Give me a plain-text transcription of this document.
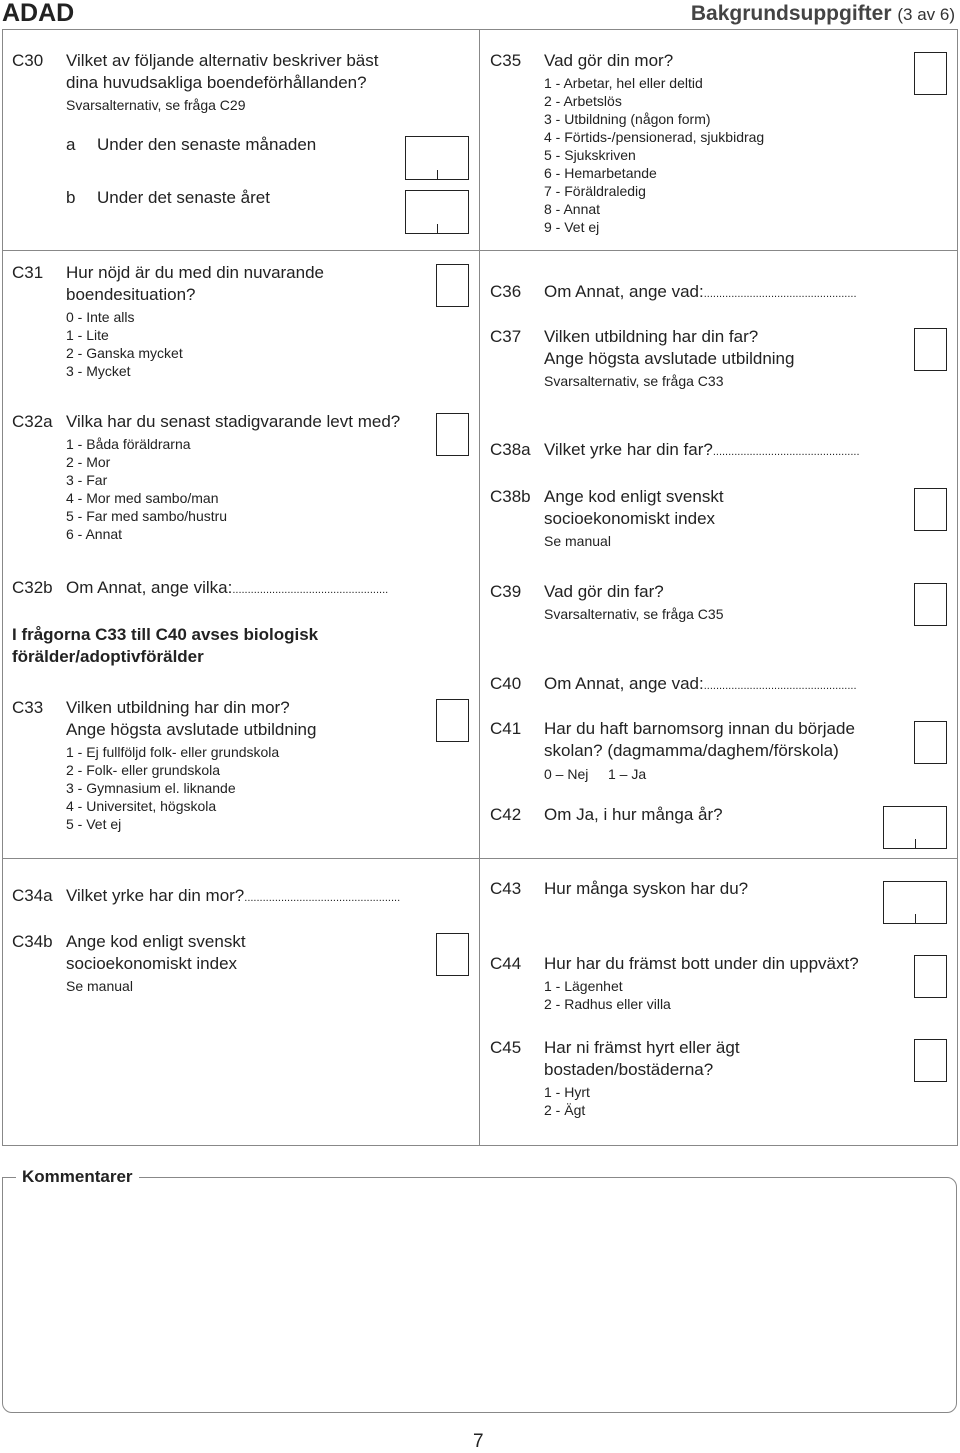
ADAD	Bakgrundsuppgifter (3 av 6)
C30 Vilket av följande alternativ beskriver bäst
dina huvudsakliga boendeförhållanden?
Svarsalternativ, se fråga C29
a Under den senaste månaden
b Under det senaste året
C31 Hur nöjd är du med din nuvarande
boendesituation?
0 - Inte alls
1 - Lite
2 - Ganska mycket
3 - Mycket
C32a Vilka har du senast stadigvarande levt med?
1 - Båda föräldrarna
2 - Mor
3 - Far
4 - Mor med sambo/man
5 - Far med sambo/hustru
6 - Annat
C32b Om Annat, ange vilka:...................................................
I frågorna C33 till C40 avses biologisk
förälder/adoptivförälder
C33 Vilken utbildning har din mor?
Ange högsta avslutade utbildning
1 - Ej fullföljd folk- eller grundskola
2 - Folk- eller grundskola
3 - Gymnasium el. liknande
4 - Universitet, högskola
5 - Vet ej
C34a Vilket yrke har din mor?...................................................
C34b Ange kod enligt svenskt
socioekonomiskt index
Se manual
C35 Vad gör din mor?
1 - Arbetar, hel eller deltid
2 - Arbetslös
3 - Utbildning (någon form)
4 - Förtids-/pensionerad, sjukbidrag
5 - Sjukskriven
6 - Hemarbetande
7 - Föräldraledig
8 - Annat
9 - Vet ej
C36 Om Annat, ange vad:..................................................
C37 Vilken utbildning har din far?
Ange högsta avslutade utbildning
Svarsalternativ, se fråga C33
C38a Vilket yrke har din far?................................................
C38b Ange kod enligt svenskt
socioekonomiskt index
Se manual
C39 Vad gör din far?
Svarsalternativ, se fråga C35
C40 Om Annat, ange vad:..................................................
C41 Har du haft barnomsorg innan du började
skolan? (dagmamma/daghem/förskola)
0 – Nej 1 – Ja
C42 Om Ja, i hur många år?
C43 Hur många syskon har du?
C44 Hur har du främst bott under din uppväxt?
1 - Lägenhet
2 - Radhus eller villa
C45 Har ni främst hyrt eller ägt
bostaden/bostäderna?
1 - Hyrt
2 - Ägt
Kommentarer
7
